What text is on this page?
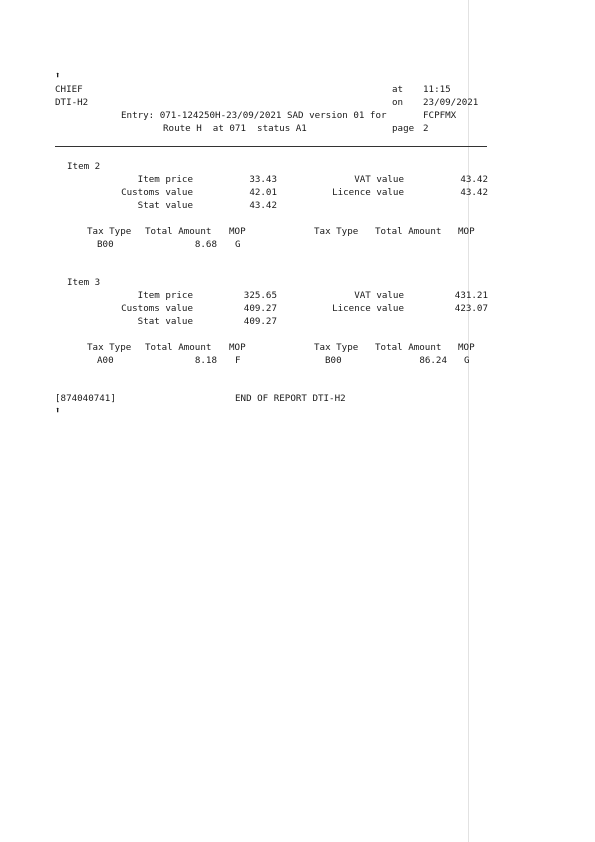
⬆
CHIEF
DTI-H2
at 11:15
on 23/09/2021
Entry: 071-124250H-23/09/2021 SAD version 01 for	FCPFMX
Route H  at 071  status A1	page 2
Item 2
Item price	33.43	VAT value	43.42
Customs value	42.01	Licence value	43.42
Stat value	43.42
Tax Type Total Amount MOP	Tax Type Total Amount MOP
B00	8.68 G
Item 3
Item price	325.65	VAT value	431.21
Customs value	409.27	Licence value	423.07
Stat value	409.27
Tax Type Total Amount MOP	Tax Type Total Amount MOP
A00	8.18 F	B00	86.24 G
[874040741]	END OF REPORT DTI-H2
⬆
